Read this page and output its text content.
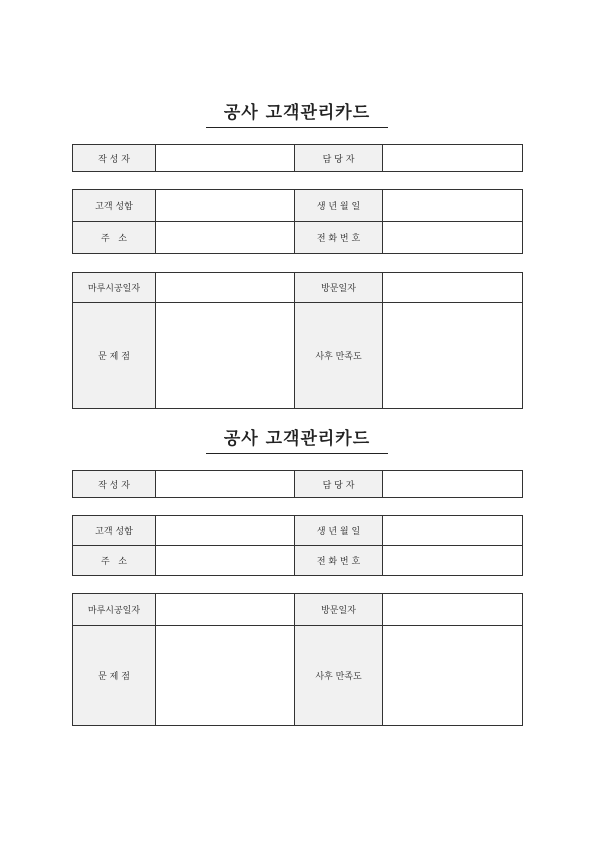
공사 고객관리카드
작 성 자		담 당 자	
고객 성함		생 년 월 일	
주   소		전 화 번 호	
마루시공일자		방문일자	
문 제 점		사후 만족도	
공사 고객관리카드
작 성 자		담 당 자	
고객 성함		생 년 월 일	
주   소		전 화 번 호	
마루시공일자		방문일자	
문 제 점		사후 만족도	
